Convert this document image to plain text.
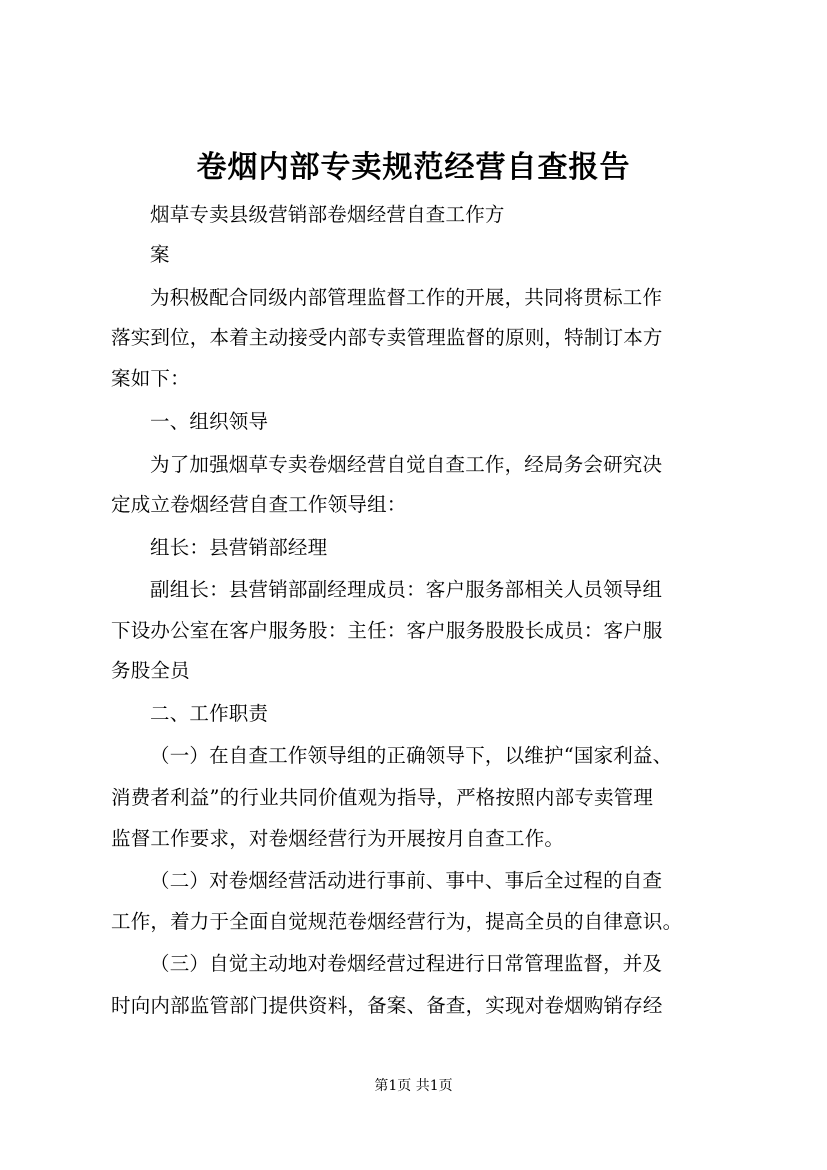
卷烟内部专卖规范经营自查报告
烟草专卖县级营销部卷烟经营自查工作方
案
为积极配合同级内部管理监督工作的开展，共同将贯标工作
落实到位，本着主动接受内部专卖管理监督的原则，特制订本方
案如下：
一、组织领导
为了加强烟草专卖卷烟经营自觉自查工作，经局务会研究决
定成立卷烟经营自查工作领导组：
组长：县营销部经理
副组长：县营销部副经理成员：客户服务部相关人员领导组
下设办公室在客户服务股：主任：客户服务股股长成员：客户服
务股全员
二、工作职责
（一）在自查工作领导组的正确领导下，以维护“国家利益、
消费者利益”的行业共同价值观为指导，严格按照内部专卖管理
监督工作要求，对卷烟经营行为开展按月自查工作。
（二）对卷烟经营活动进行事前、事中、事后全过程的自查
工作，着力于全面自觉规范卷烟经营行为，提高全员的自律意识。
（三）自觉主动地对卷烟经营过程进行日常管理监督，并及
时向内部监管部门提供资料，备案、备查，实现对卷烟购销存经
第1页 共1页
